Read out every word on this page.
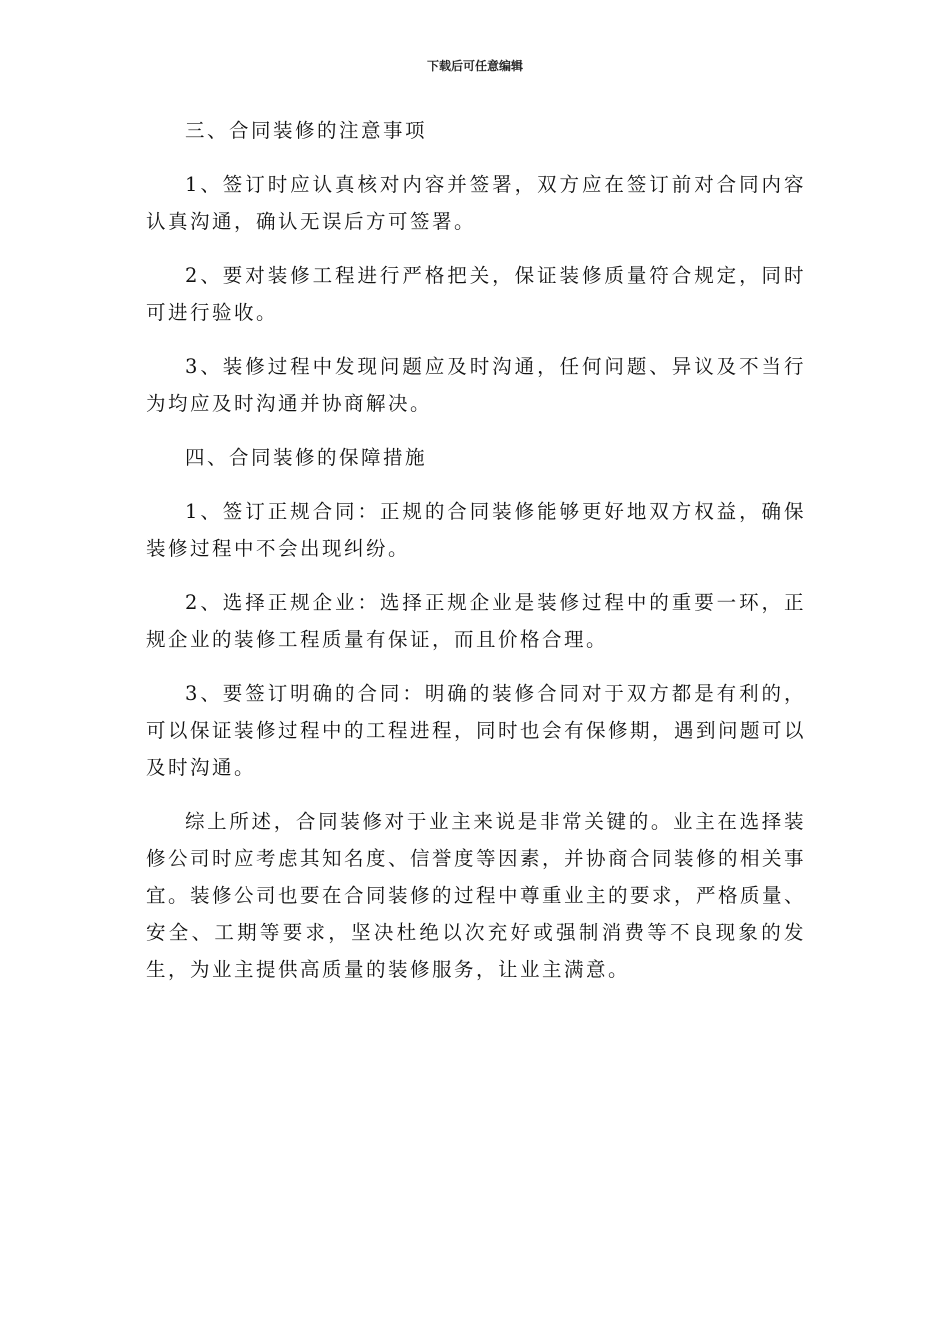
下载后可任意编辑

三、合同装修的注意事项

1、签订时应认真核对内容并签署，双方应在签订前对合同内容认真沟通，确认无误后方可签署。

2、要对装修工程进行严格把关，保证装修质量符合规定，同时可进行验收。

3、装修过程中发现问题应及时沟通，任何问题、异议及不当行为均应及时沟通并协商解决。

四、合同装修的保障措施

1、签订正规合同：正规的合同装修能够更好地双方权益，确保装修过程中不会出现纠纷。

2、选择正规企业：选择正规企业是装修过程中的重要一环，正规企业的装修工程质量有保证，而且价格合理。

3、要签订明确的合同：明确的装修合同对于双方都是有利的，可以保证装修过程中的工程进程，同时也会有保修期，遇到问题可以及时沟通。

综上所述，合同装修对于业主来说是非常关键的。业主在选择装修公司时应考虑其知名度、信誉度等因素，并协商合同装修的相关事宜。装修公司也要在合同装修的过程中尊重业主的要求，严格质量、安全、工期等要求，坚决杜绝以次充好或强制消费等不良现象的发生，为业主提供高质量的装修服务，让业主满意。
